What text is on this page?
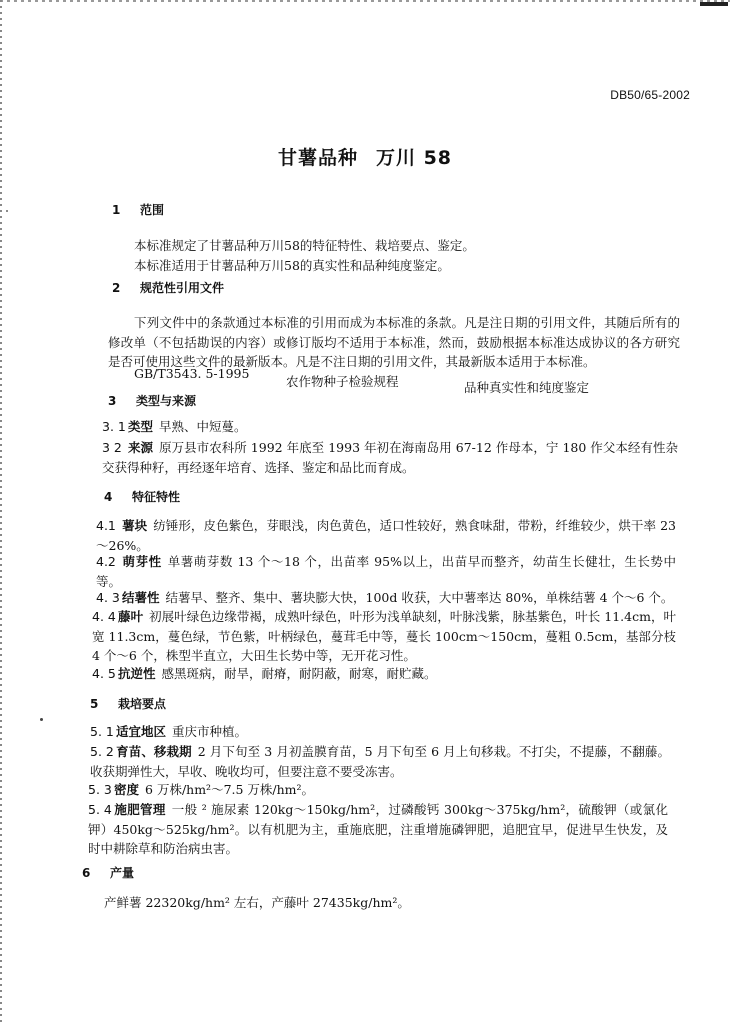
DB50/65-2002
甘薯品种 万川 58
1 范围
本标准规定了甘薯品种万川58的特征特性、栽培要点、鉴定。
本标准适用于甘薯品种万川58的真实性和品种纯度鉴定。
2 规范性引用文件
下列文件中的条款通过本标准的引用而成为本标准的条款。凡是注日期的引用文件，其随后所有的修改单（不包括勘误的内容）或修订版均不适用于本标准，然而，鼓励根据本标准达成协议的各方研究是否可使用这些文件的最新版本。凡是不注日期的引用文件，其最新版本适用于本标准。
GB/T3543. 5-1995
农作物种子检验规程	品种真实性和纯度鉴定
3 类型与来源
3. 1 类型 早熟、中短蔓。
3 2 来源 原万县市农科所 1992 年底至 1993 年初在海南岛用 67-12 作母本，宁 180 作父本经有性杂交获得种籽，再经逐年培育、选择、鉴定和品比而育成。
4 特征特性
4.1 薯块 纺锤形，皮色紫色，芽眼浅，肉色黄色，适口性较好，熟食味甜，带粉，纤维较少，烘干率 23～26%。
4.2 萌芽性 单薯萌芽数 13 个～18 个，出苗率 95%以上，出苗早而整齐，幼苗生长健壮，生长势中等。
4. 3 结薯性 结薯早、整齐、集中、薯块膨大快，100d 收获，大中薯率达 80%，单株结薯 4 个～6 个。
4. 4 藤叶 初展叶绿色边缘带褐，成熟叶绿色，叶形为浅单缺刻，叶脉浅紫，脉基紫色，叶长 11.4cm，叶宽 11.3cm，蔓色绿，节色紫，叶柄绿色，蔓茸毛中等，蔓长 100cm～150cm，蔓粗 0.5cm，基部分枝 4 个～6 个，株型半直立，大田生长势中等，无开花习性。
4. 5 抗逆性 感黑斑病，耐旱，耐瘠，耐阴蔽，耐寒，耐贮藏。
5 栽培要点
5. 1 适宜地区 重庆市种植。
5. 2 育苗、移栽期 2 月下旬至 3 月初盖膜育苗，5 月下旬至 6 月上旬移栽。不打尖，不提藤，不翻藤。收获期弹性大，早收、晚收均可，但要注意不要受冻害。
5. 3 密度 6 万株/hm²～7.5 万株/hm²。
5. 4 施肥管理 一般 ² 施尿素 120kg～150kg/hm²，过磷酸钙 300kg～375kg/hm²，硫酸钾（或氯化钾）450kg～525kg/hm²。以有机肥为主，重施底肥，注重增施磷钾肥，追肥宜早，促进早生快发，及时中耕除草和防治病虫害。
6 产量
产鲜薯 22320kg/hm² 左右，产藤叶 27435kg/hm²。
